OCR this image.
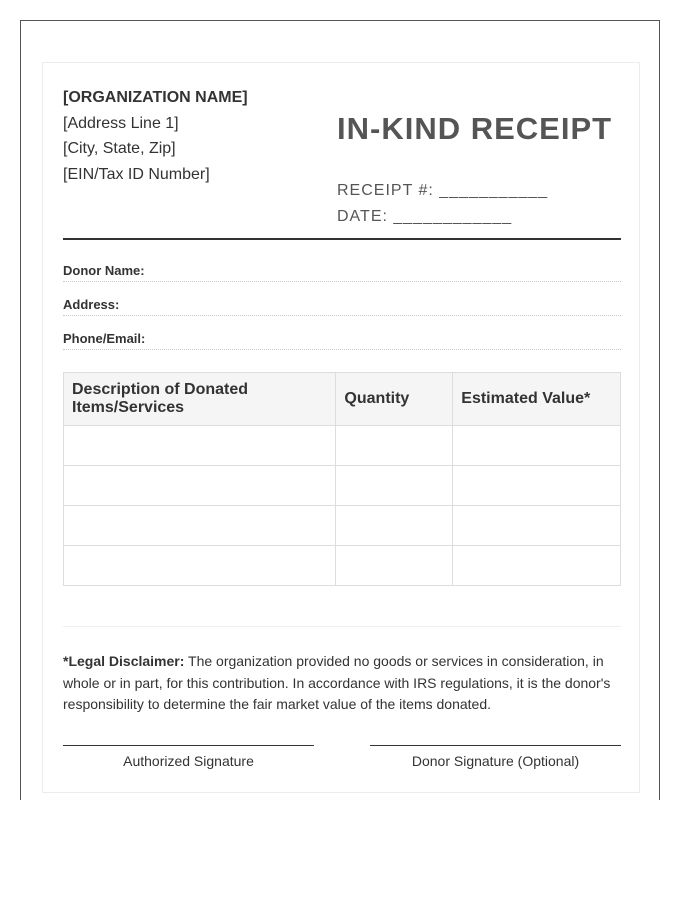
[ORGANIZATION NAME]
[Address Line 1]
[City, State, Zip]
[EIN/Tax ID Number]
IN-KIND RECEIPT
RECEIPT #: ___________
DATE: ____________
Donor Name:
Address:
Phone/Email:
Description of Donated Items/Services	Quantity	Estimated Value*

*Legal Disclaimer: The organization provided no goods or services in consideration, in whole or in part, for this contribution. In accordance with IRS regulations, it is the donor's responsibility to determine the fair market value of the items donated.
Authorized Signature	Donor Signature (Optional)
